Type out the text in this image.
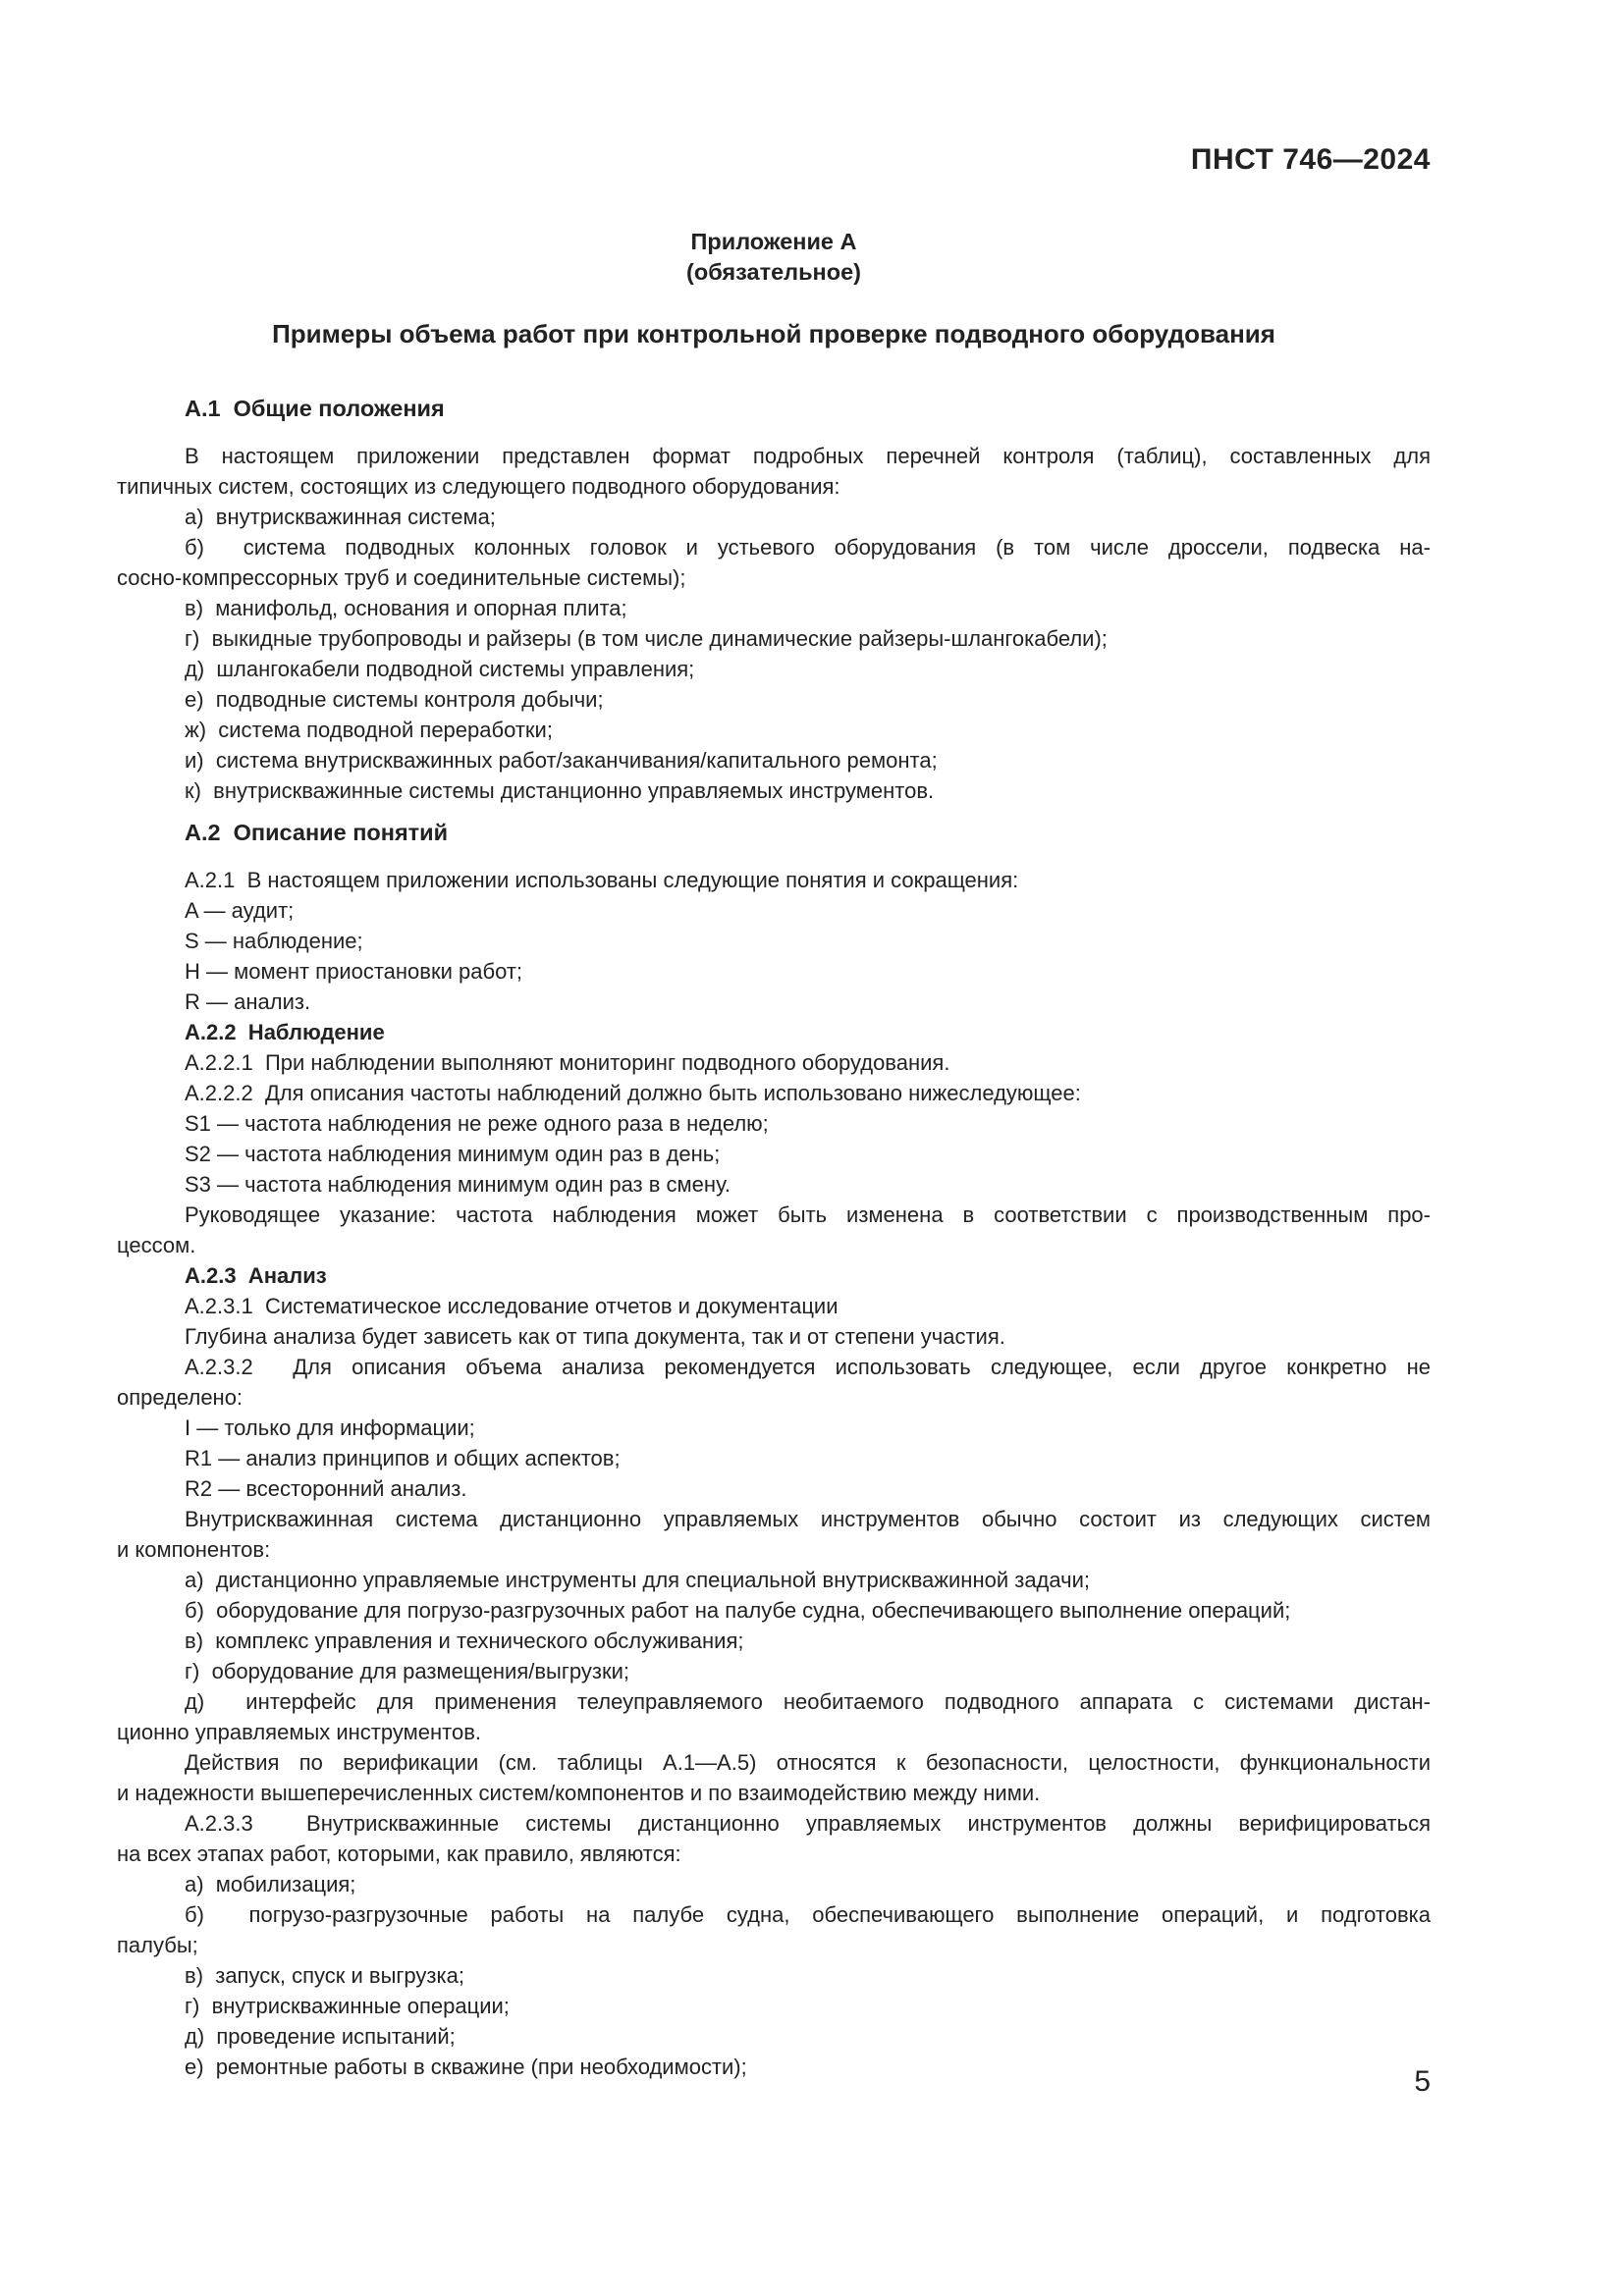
ПНСТ 746—2024
Приложение А
(обязательное)
Примеры объема работ при контрольной проверке подводного оборудования
А.1  Общие положения
В настоящем приложении представлен формат подробных перечней контроля (таблиц), составленных для
типичных систем, состоящих из следующего подводного оборудования:
а)  внутрискважинная система;
б)  система подводных колонных головок и устьевого оборудования (в том числе дроссели, подвеска на-
сосно-компрессорных труб и соединительные системы);
в)  манифольд, основания и опорная плита;
г)  выкидные трубопроводы и райзеры (в том числе динамические райзеры-шлангокабели);
д)  шлангокабели подводной системы управления;
е)  подводные системы контроля добычи;
ж)  система подводной переработки;
и)  система внутрискважинных работ/заканчивания/капитального ремонта;
к)  внутрискважинные системы дистанционно управляемых инструментов.
А.2  Описание понятий
А.2.1  В настоящем приложении использованы следующие понятия и сокращения:
A — аудит;
S — наблюдение;
H — момент приостановки работ;
R — анализ.
А.2.2  Наблюдение
А.2.2.1  При наблюдении выполняют мониторинг подводного оборудования.
А.2.2.2  Для описания частоты наблюдений должно быть использовано нижеследующее:
S1 — частота наблюдения не реже одного раза в неделю;
S2 — частота наблюдения минимум один раз в день;
S3 — частота наблюдения минимум один раз в смену.
Руководящее указание: частота наблюдения может быть изменена в соответствии с производственным про-
цессом.
А.2.3  Анализ
А.2.3.1  Систематическое исследование отчетов и документации
Глубина анализа будет зависеть как от типа документа, так и от степени участия.
А.2.3.2  Для описания объема анализа рекомендуется использовать следующее, если другое конкретно не
определено:
I — только для информации;
R1 — анализ принципов и общих аспектов;
R2 — всесторонний анализ.
Внутрискважинная система дистанционно управляемых инструментов обычно состоит из следующих систем
и компонентов:
а)  дистанционно управляемые инструменты для специальной внутрискважинной задачи;
б)  оборудование для погрузо-разгрузочных работ на палубе судна, обеспечивающего выполнение операций;
в)  комплекс управления и технического обслуживания;
г)  оборудование для размещения/выгрузки;
д)  интерфейс для применения телеуправляемого необитаемого подводного аппарата с системами дистан-
ционно управляемых инструментов.
Действия по верификации (см. таблицы А.1—А.5) относятся к безопасности, целостности, функциональности
и надежности вышеперечисленных систем/компонентов и по взаимодействию между ними.
А.2.3.3  Внутрискважинные системы дистанционно управляемых инструментов должны верифицироваться
на всех этапах работ, которыми, как правило, являются:
а)  мобилизация;
б)  погрузо-разгрузочные работы на палубе судна, обеспечивающего выполнение операций, и подготовка
палубы;
в)  запуск, спуск и выгрузка;
г)  внутрискважинные операции;
д)  проведение испытаний;
е)  ремонтные работы в скважине (при необходимости);	5
